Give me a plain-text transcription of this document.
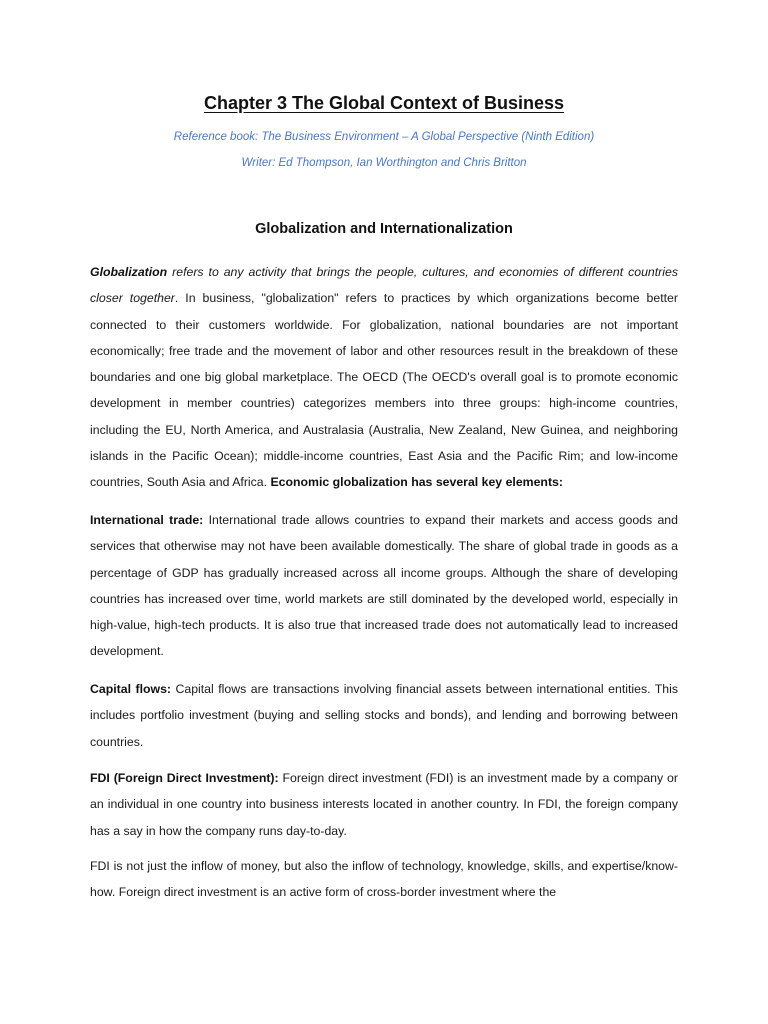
Chapter 3 The Global Context of Business
Reference book: The Business Environment – A Global Perspective (Ninth Edition)
Writer: Ed Thompson, Ian Worthington and Chris Britton
Globalization and Internationalization

Globalization refers to any activity that brings the people, cultures, and economies of different countries closer together. In business, "globalization" refers to practices by which organizations become better connected to their customers worldwide. For globalization, national boundaries are not important economically; free trade and the movement of labor and other resources result in the breakdown of these boundaries and one big global marketplace. The OECD (The OECD's overall goal is to promote economic development in member countries) categorizes members into three groups: high-income countries, including the EU, North America, and Australasia (Australia, New Zealand, New Guinea, and neighboring islands in the Pacific Ocean); middle-income countries, East Asia and the Pacific Rim; and low-income countries, South Asia and Africa. Economic globalization has several key elements:

International trade: International trade allows countries to expand their markets and access goods and services that otherwise may not have been available domestically. The share of global trade in goods as a percentage of GDP has gradually increased across all income groups. Although the share of developing countries has increased over time, world markets are still dominated by the developed world, especially in high-value, high-tech products. It is also true that increased trade does not automatically lead to increased development.

Capital flows: Capital flows are transactions involving financial assets between international entities. This includes portfolio investment (buying and selling stocks and bonds), and lending and borrowing between countries.

FDI (Foreign Direct Investment): Foreign direct investment (FDI) is an investment made by a company or an individual in one country into business interests located in another country. In FDI, the foreign company has a say in how the company runs day-to-day.

FDI is not just the inflow of money, but also the inflow of technology, knowledge, skills, and expertise/know-how. Foreign direct investment is an active form of cross-border investment where the
